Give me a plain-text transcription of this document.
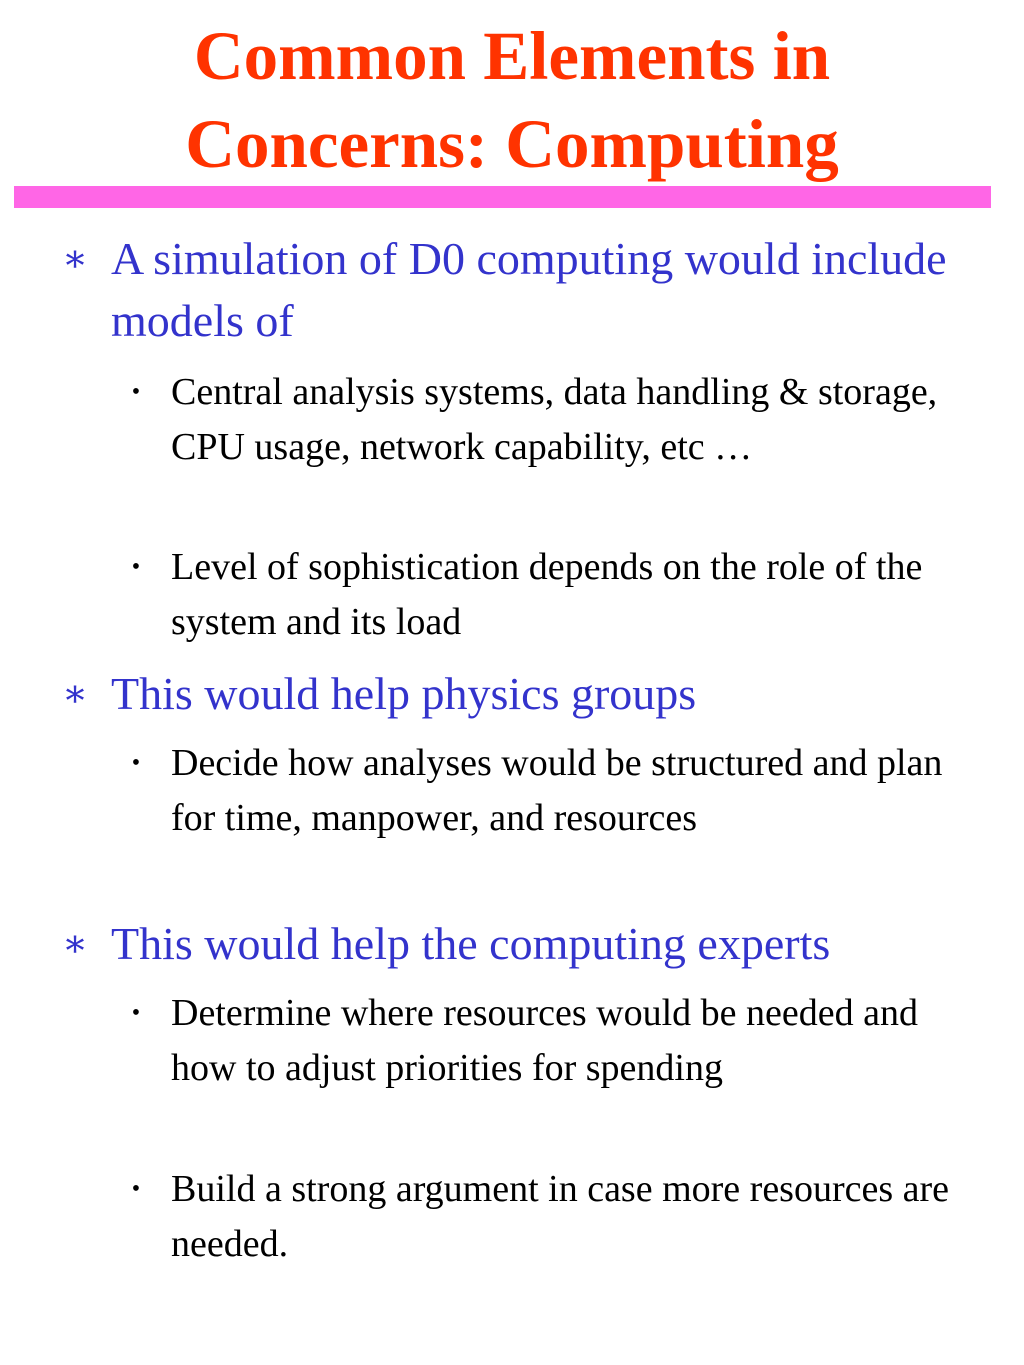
Common Elements in
Concerns: Computing
∗ A simulation of D0 computing would include models of
• Central analysis systems, data handling & storage, CPU usage, network capability, etc …
• Level of sophistication depends on the role of the system and its load
∗ This would help physics groups
• Decide how analyses would be structured and plan for time, manpower, and resources
∗ This would help the computing experts
• Determine where resources would be needed and how to adjust priorities for spending
• Build a strong argument in case more resources are needed.
